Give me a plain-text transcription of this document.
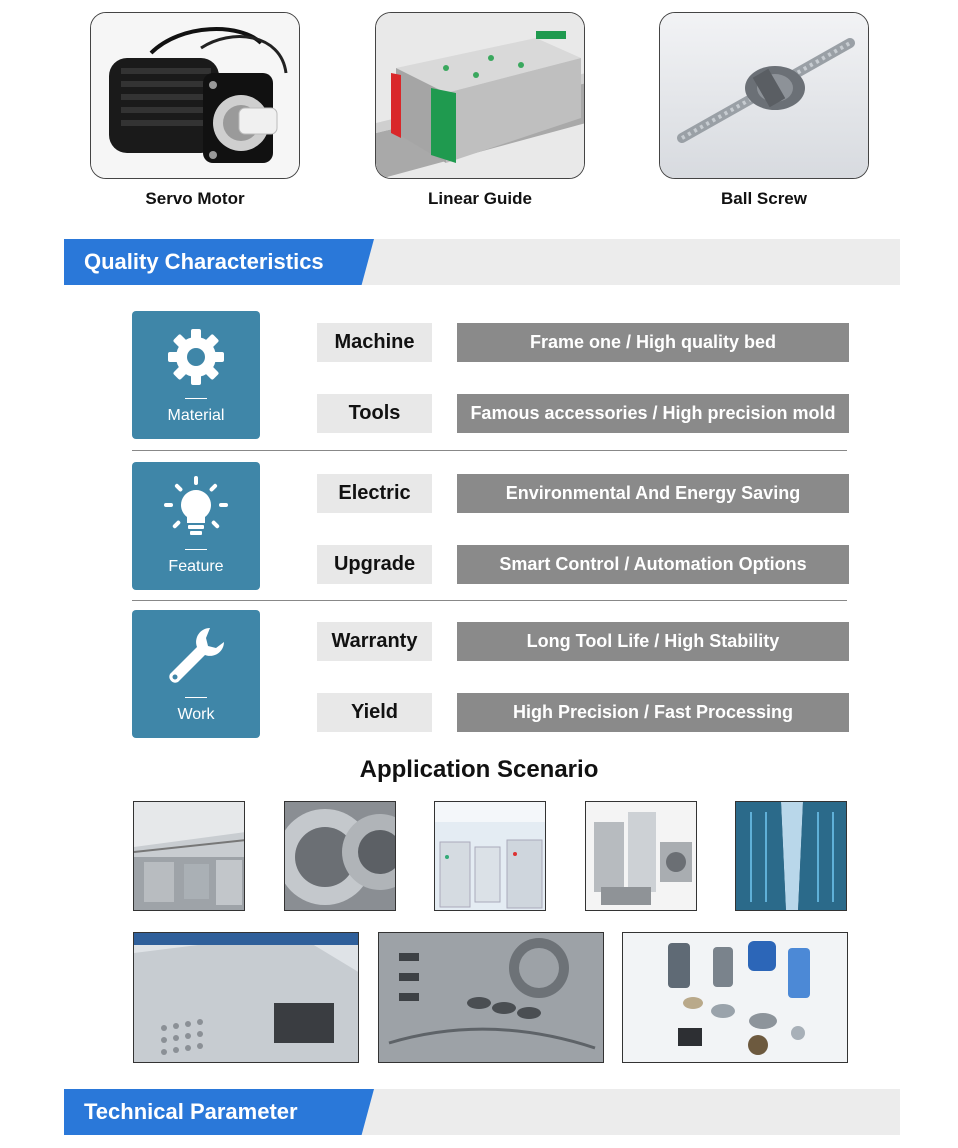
Servo Motor	Linear Guide	Ball Screw
Quality Characteristics
Material
Machine	Frame one / High quality bed
Tools	Famous accessories / High precision mold
Feature
Electric	Environmental And Energy Saving
Upgrade	Smart Control / Automation Options
Work
Warranty	Long Tool Life / High Stability
Yield	High Precision / Fast Processing
Application Scenario
Technical Parameter
